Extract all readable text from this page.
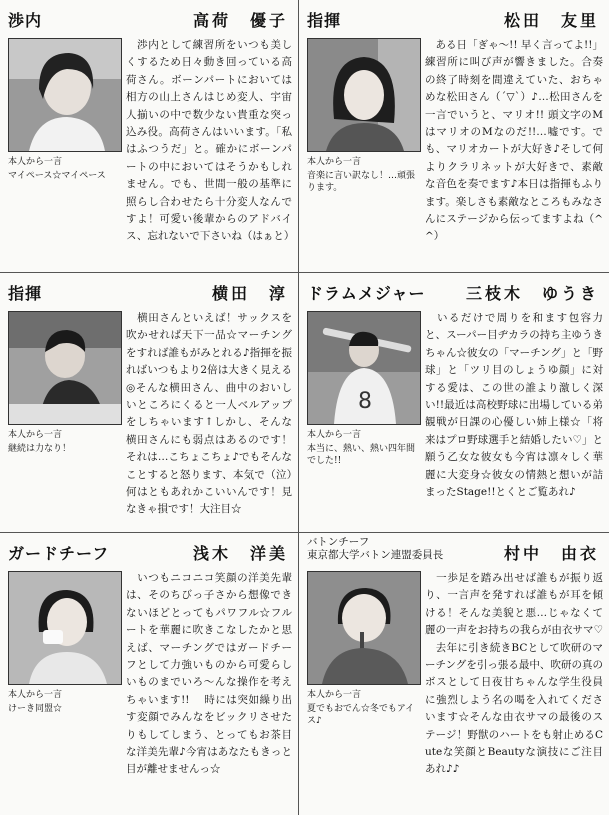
渉内	高荷　優子
本人から一言
マイペース☆マイペース
　渉内として練習所をいつも美しくするため日々動き回っている高荷さん。ボーンパートにおいては 相方の山上さんはじめ変人、宇宙人揃いの中で数少ない貴重な突っ込み役。高荷さんはいいます。「私はふつうだ」と。確かにボーンパートの中においてはそうかもしれません。でも、世間一般の基準に照らし合わせたら十分変人なんですよ！可愛い後輩からのアドバイス、忘れないで下さいね（はぁと）
指揮	松田　友里
本人から一言
音楽に言い訳なし！…頑張ります。
　ある日「ぎゃ～!! 早く言ってよ!!」練習所に叫び声が響きました。合奏の終了時刻を間違えていた、おちゃめな松田さん（´▽`）♪…松田さんを一言でいうと、マリオ!! 頭文字のMはマリオのMなのだ!!…嘘です。でも、マリオカートが大好き♪そして何よりクラリネットが大好きで、素敵な音色を奏でます♪本日は指揮もふります。楽しさも素敵なところもみなさんにステージから伝ってますよね（^^）
指揮	横田　淳
本人から一言
継続は力なり！
　横田さんといえば！サックスを吹かせれば天下一品☆マーチングをすれば誰もがみとれる♪指揮を振ればいつもより2倍は大きく見える◎そんな横田さん、曲中のおいしいところにくると一人ベルアップをしちゃいます↑しかし、そんな横田さんにも弱点はあるのです！それは…こちょこちょ♪でもそんなことすると怒ります、本気で（泣）何はともあれかこいいんです！見なきゃ損です！大注目☆
ドラムメジャー	三枝木　ゆうき
8
本人から一言
本当に、熱い、熱い四年間でした!!
　いるだけで周りを和ます包容力と、スーパー目ヂカラの持ち主ゆうきちゃん☆彼女の「マーチング」と「野球」と「ツリ目のしょうゆ顔」に対する愛は、この世の誰より激しく深い!!最近は高校野球に出場している弟観戦が日課の心優しい姉上様☆「将来はプロ野球選手と結婚したい♡」と願う乙女な彼女も今宵は凛々しく華麗に大変身☆彼女の情熱と想いが詰まったStage!!とくとご覧あれ♪
ガードチーフ	浅木　洋美
本人から一言
けーき同盟☆
　いつもニコニコ笑顔の洋美先輩は、そのちびっ子さから想像できないほどとってもパワフル☆フルートを華麗に吹きこなしたかと思えば、マーチングではガードチーフとして力強いものから可愛らしいものまでいろ～んな操作を考えちゃいます!! 　時には突如繰り出す変顔でみんなをビックリさせたりもしてしまう、とってもお茶目な洋美先輩♪今宵はあなたもきっと目が離せませんっ☆
バトンチーフ
東京都大学バトン連盟委員長	村中　由衣
本人から一言
夏でもおでん☆冬でもアイス♪
　一歩足を踏み出せば誰もが振り返り、一言声を発すれば誰もが耳を傾ける！そんな美貌と悪…じゃなくて麗の一声をお持ちの我らが由衣サマ♡ 　去年に引き続きBCとして吹研のマーチングを引っ張る最中、吹研の真のボスとして日夜甘ちゃんな学生役員に強烈しよう名の喝を入れてくださいます☆そんな由衣サマの最後のステージ！野獣のハートをも射止めるCuteな笑顔とBeautyな演技にご注目あれ♪♪
